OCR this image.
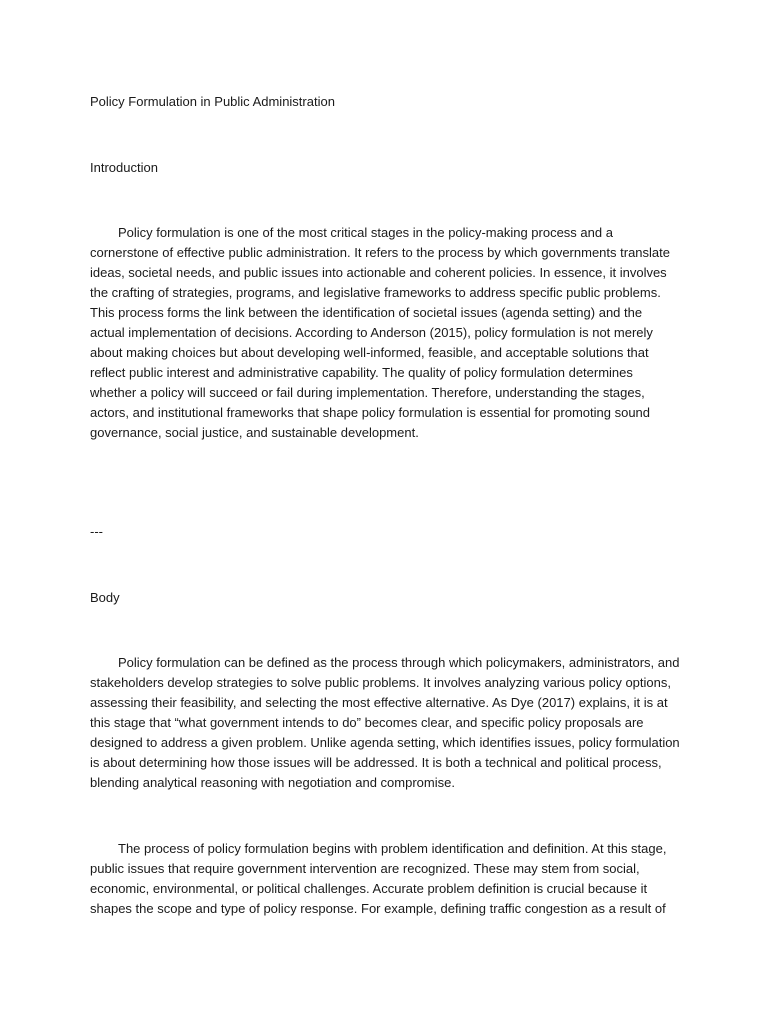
Policy Formulation in Public Administration

Introduction

Policy formulation is one of the most critical stages in the policy-making process and a cornerstone of effective public administration. It refers to the process by which governments translate ideas, societal needs, and public issues into actionable and coherent policies. In essence, it involves the crafting of strategies, programs, and legislative frameworks to address specific public problems. This process forms the link between the identification of societal issues (agenda setting) and the actual implementation of decisions. According to Anderson (2015), policy formulation is not merely about making choices but about developing well-informed, feasible, and acceptable solutions that reflect public interest and administrative capability. The quality of policy formulation determines whether a policy will succeed or fail during implementation. Therefore, understanding the stages, actors, and institutional frameworks that shape policy formulation is essential for promoting sound governance, social justice, and sustainable development.

---

Body

Policy formulation can be defined as the process through which policymakers, administrators, and stakeholders develop strategies to solve public problems. It involves analyzing various policy options, assessing their feasibility, and selecting the most effective alternative. As Dye (2017) explains, it is at this stage that “what government intends to do” becomes clear, and specific policy proposals are designed to address a given problem. Unlike agenda setting, which identifies issues, policy formulation is about determining how those issues will be addressed. It is both a technical and political process, blending analytical reasoning with negotiation and compromise.

The process of policy formulation begins with problem identification and definition. At this stage, public issues that require government intervention are recognized. These may stem from social, economic, environmental, or political challenges. Accurate problem definition is crucial because it shapes the scope and type of policy response. For example, defining traffic congestion as a result of
